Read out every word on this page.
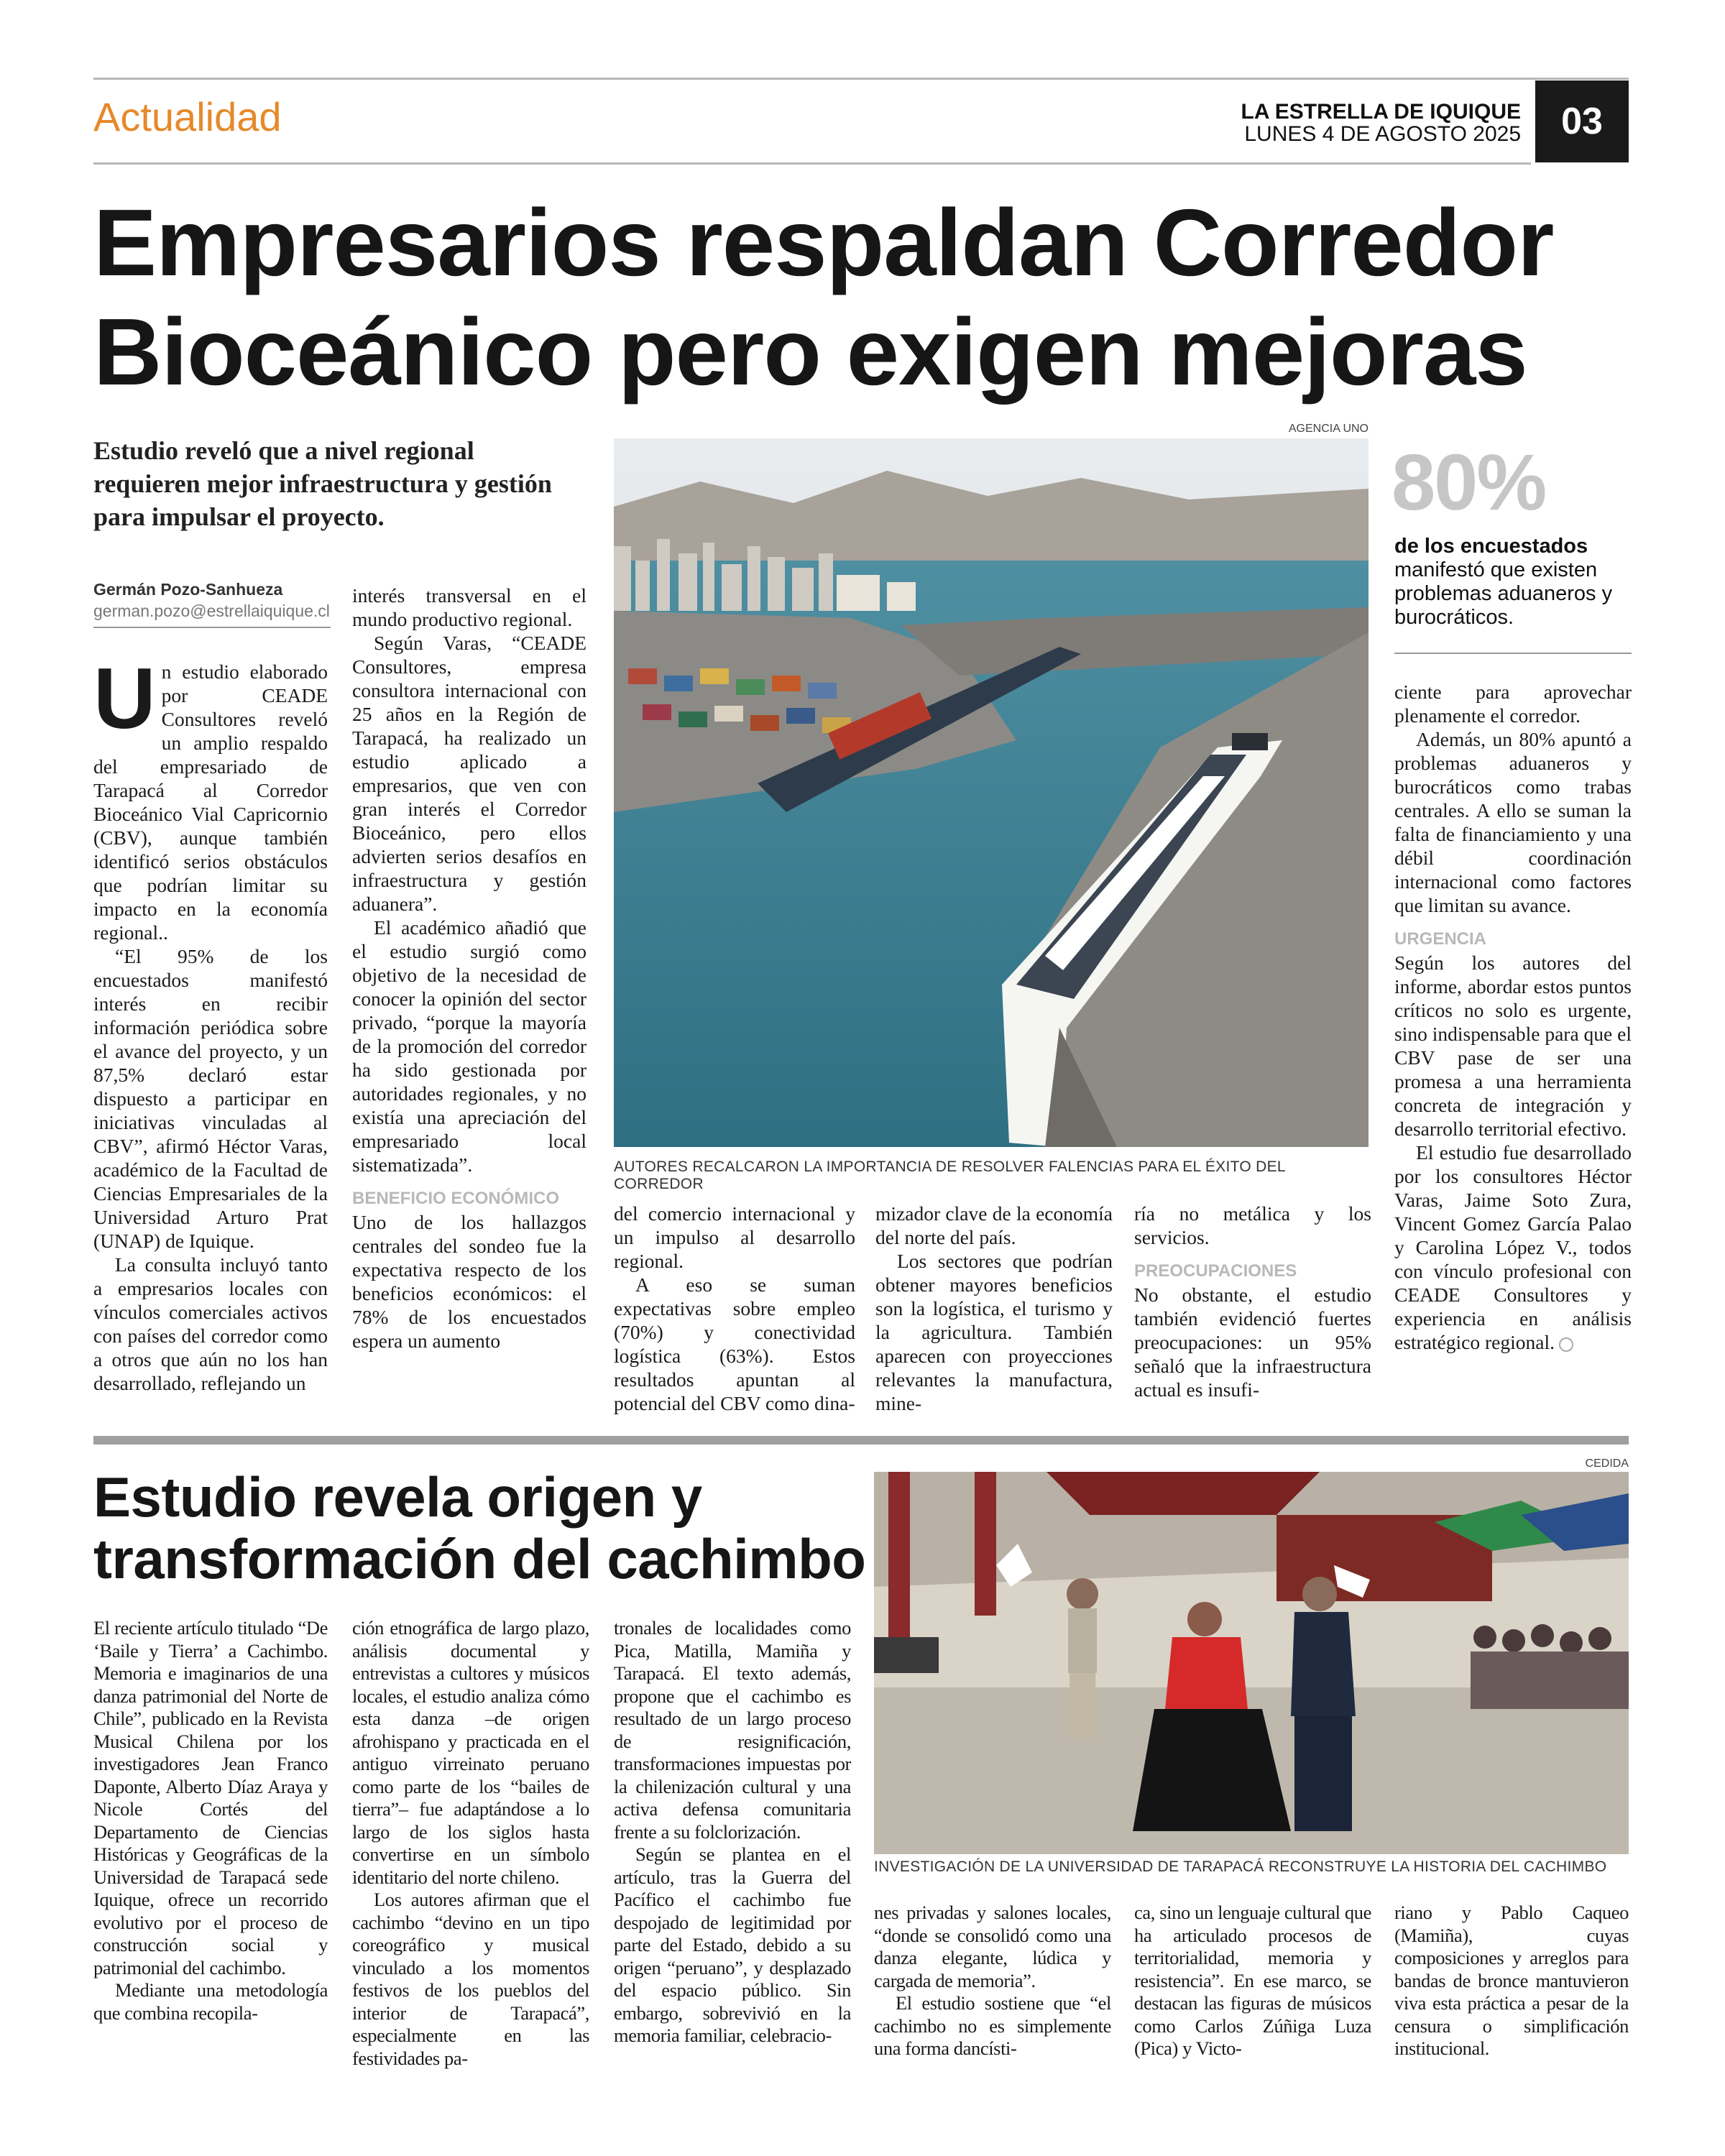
Actualidad	LA ESTRELLA DE IQUIQUE
LUNES 4 DE AGOSTO 2025	03
Empresarios respaldan Corredor
Bioceánico pero exigen mejoras
Estudio reveló que a nivel regional requieren mejor infraestructura y gestión para impulsar el proyecto.
Germán Pozo-Sanhueza
german.pozo@estrellaiquique.cl

Un estudio elaborado por CEADE Consultores reveló un amplio respaldo del empresariado de Tarapacá al Corredor Bioceánico Vial Capricornio (CBV), aunque también identificó serios obstáculos que podrían limitar su impacto en la economía regional..

“El 95% de los encuestados manifestó interés en recibir información periódica sobre el avance del proyecto, y un 87,5% declaró estar dispuesto a participar en iniciativas vinculadas al CBV”, afirmó Héctor Varas, académico de la Facultad de Ciencias Empresariales de la Universidad Arturo Prat (UNAP) de Iquique.

La consulta incluyó tanto a empresarios locales con vínculos comerciales activos con países del corredor como a otros que aún no los han desarrollado, reflejando un

interés transversal en el mundo productivo regional.

Según Varas, “CEADE Consultores, empresa consultora internacional con 25 años en la Región de Tarapacá, ha realizado un estudio aplicado a empresarios, que ven con gran interés el Corredor Bioceánico, pero ellos advierten serios desafíos en infraestructura y gestión aduanera”.

El académico añadió que el estudio surgió como objetivo de la necesidad de conocer la opinión del sector privado, “porque la mayoría de la promoción del corredor ha sido gestionada por autoridades regionales, y no existía una apreciación del empresariado local sistematizada”.

BENEFICIO ECONÓMICO

Uno de los hallazgos centrales del sondeo fue la expectativa respecto de los beneficios económicos: el 78% de los encuestados espera un aumento

AGENCIA UNO
AUTORES RECALCARON LA IMPORTANCIA DE RESOLVER FALENCIAS PARA EL ÉXITO DEL CORREDOR
80%
de los encuestados manifestó que existen problemas aduaneros y burocráticos.

ciente para aprovechar plenamente el corredor.

Además, un 80% apuntó a problemas aduaneros y burocráticos como trabas centrales. A ello se suman la falta de financiamiento y una débil coordinación internacional como factores que limitan su avance.

URGENCIA

Según los autores del informe, abordar estos puntos críticos no solo es urgente, sino indispensable para que el CBV pase de ser una promesa a una herramienta concreta de integración y desarrollo territorial efectivo.

El estudio fue desarrollado por los consultores Héctor Varas, Jaime Soto Zura, Vincent Gomez García Palao y Carolina López V., todos con vínculo profesional con CEADE Consultores y experiencia en análisis estratégico regional.

del comercio internacional y un impulso al desarrollo regional.

A eso se suman expectativas sobre empleo (70%) y conectividad logística (63%). Estos resultados apuntan al potencial del CBV como dina-

mizador clave de la economía del norte del país.

Los sectores que podrían obtener mayores beneficios son la logística, el turismo y la agricultura. También aparecen con proyecciones relevantes la manufactura, mine-

ría no metálica y los servicios.

PREOCUPACIONES

No obstante, el estudio también evidenció fuertes preocupaciones: un 95% señaló que la infraestructura actual es insufi-

Estudio revela origen y
transformación del cachimbo
CEDIDA
INVESTIGACIÓN DE LA UNIVERSIDAD DE TARAPACÁ RECONSTRUYE LA HISTORIA DEL CACHIMBO

El reciente artículo titulado “De ‘Baile y Tierra’ a Cachimbo. Memoria e imaginarios de una danza patrimonial del Norte de Chile”, publicado en la Revista Musical Chilena por los investigadores Jean Franco Daponte, Alberto Díaz Araya y Nicole Cortés del Departamento de Ciencias Históricas y Geográficas de la Universidad de Tarapacá sede Iquique, ofrece un recorrido evolutivo por el proceso de construcción social y patrimonial del cachimbo.

Mediante una metodología que combina recopila-

ción etnográfica de largo plazo, análisis documental y entrevistas a cultores y músicos locales, el estudio analiza cómo esta danza –de origen afrohispano y practicada en el antiguo virreinato peruano como parte de los “bailes de tierra”– fue adaptándose a lo largo de los siglos hasta convertirse en un símbolo identitario del norte chileno.

Los autores afirman que el cachimbo “devino en un tipo coreográfico y musical vinculado a los momentos festivos de los pueblos del interior de Tarapacá”, especialmente en las festividades pa-

tronales de localidades como Pica, Matilla, Mamiña y Tarapacá. El texto además, propone que el cachimbo es resultado de un largo proceso de resignificación, transformaciones impuestas por la chilenización cultural y una activa defensa comunitaria frente a su folclorización.

Según se plantea en el artículo, tras la Guerra del Pacífico el cachimbo fue despojado de legitimidad por parte del Estado, debido a su origen “peruano”, y desplazado del espacio público. Sin embargo, sobrevivió en la memoria familiar, celebracio-

nes privadas y salones locales, “donde se consolidó como una danza elegante, lúdica y cargada de memoria”.

El estudio sostiene que “el cachimbo no es simplemente una forma dancísti-

ca, sino un lenguaje cultural que ha articulado procesos de territorialidad, memoria y resistencia”. En ese marco, se destacan las figuras de músicos como Carlos Zúñiga Luza (Pica) y Victo-

riano y Pablo Caqueo (Mamiña), cuyas composiciones y arreglos para bandas de bronce mantuvieron viva esta práctica a pesar de la censura o simplificación institucional.
